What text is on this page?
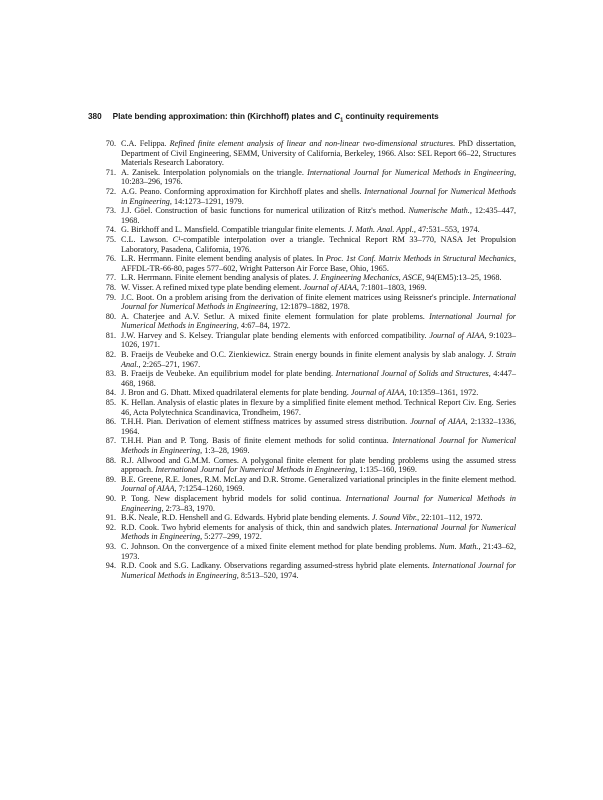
380 Plate bending approximation: thin (Kirchhoff) plates and $C_1$ continuity requirements
70. C.A. Felippa. Refined finite element analysis of linear and non-linear two-dimensional structures. PhD dissertation, Department of Civil Engineering, SEMM, University of California, Berkeley, 1966. Also: SEL Report 66–22, Structures Materials Research Laboratory.
71. A. Zanisek. Interpolation polynomials on the triangle. International Journal for Numerical Methods in Engineering, 10:283–296, 1976.
72. A.G. Peano. Conforming approximation for Kirchhoff plates and shells. International Journal for Numerical Methods in Engineering, 14:1273–1291, 1979.
73. J.J. Göel. Construction of basic functions for numerical utilization of Ritz's method. Numerische Math., 12:435–447, 1968.
74. G. Birkhoff and L. Mansfield. Compatible triangular finite elements. J. Math. Anal. Appl., 47:531–553, 1974.
75. C.L. Lawson. C¹-compatible interpolation over a triangle. Technical Report RM 33–770, NASA Jet Propulsion Laboratory, Pasadena, California, 1976.
76. L.R. Herrmann. Finite element bending analysis of plates. In Proc. 1st Conf. Matrix Methods in Structural Mechanics, AFFDL-TR-66-80, pages 577–602, Wright Patterson Air Force Base, Ohio, 1965.
77. L.R. Herrmann. Finite element bending analysis of plates. J. Engineering Mechanics, ASCE, 94(EM5):13–25, 1968.
78. W. Visser. A refined mixed type plate bending element. Journal of AIAA, 7:1801–1803, 1969.
79. J.C. Boot. On a problem arising from the derivation of finite element matrices using Reissner's principle. International Journal for Numerical Methods in Engineering, 12:1879–1882, 1978.
80. A. Chaterjee and A.V. Setlur. A mixed finite element formulation for plate problems. International Journal for Numerical Methods in Engineering, 4:67–84, 1972.
81. J.W. Harvey and S. Kelsey. Triangular plate bending elements with enforced compatibility. Journal of AIAA, 9:1023–1026, 1971.
82. B. Fraeijs de Veubeke and O.C. Zienkiewicz. Strain energy bounds in finite element analysis by slab analogy. J. Strain Anal., 2:265–271, 1967.
83. B. Fraeijs de Veubeke. An equilibrium model for plate bending. International Journal of Solids and Structures, 4:447–468, 1968.
84. J. Bron and G. Dhatt. Mixed quadrilateral elements for plate bending. Journal of AIAA, 10:1359–1361, 1972.
85. K. Hellan. Analysis of elastic plates in flexure by a simplified finite element method. Technical Report Civ. Eng. Series 46, Acta Polytechnica Scandinavica, Trondheim, 1967.
86. T.H.H. Pian. Derivation of element stiffness matrices by assumed stress distribution. Journal of AIAA, 2:1332–1336, 1964.
87. T.H.H. Pian and P. Tong. Basis of finite element methods for solid continua. International Journal for Numerical Methods in Engineering, 1:3–28, 1969.
88. R.J. Allwood and G.M.M. Cornes. A polygonal finite element for plate bending problems using the assumed stress approach. International Journal for Numerical Methods in Engineering, 1:135–160, 1969.
89. B.E. Greene, R.E. Jones, R.M. McLay and D.R. Strome. Generalized variational principles in the finite element method. Journal of AIAA, 7:1254–1260, 1969.
90. P. Tong. New displacement hybrid models for solid continua. International Journal for Numerical Methods in Engineering, 2:73–83, 1970.
91. B.K. Neale, R.D. Henshell and G. Edwards. Hybrid plate bending elements. J. Sound Vibr., 22:101–112, 1972.
92. R.D. Cook. Two hybrid elements for analysis of thick, thin and sandwich plates. International Journal for Numerical Methods in Engineering, 5:277–299, 1972.
93. C. Johnson. On the convergence of a mixed finite element method for plate bending problems. Num. Math., 21:43–62, 1973.
94. R.D. Cook and S.G. Ladkany. Observations regarding assumed-stress hybrid plate elements. International Journal for Numerical Methods in Engineering, 8:513–520, 1974.
